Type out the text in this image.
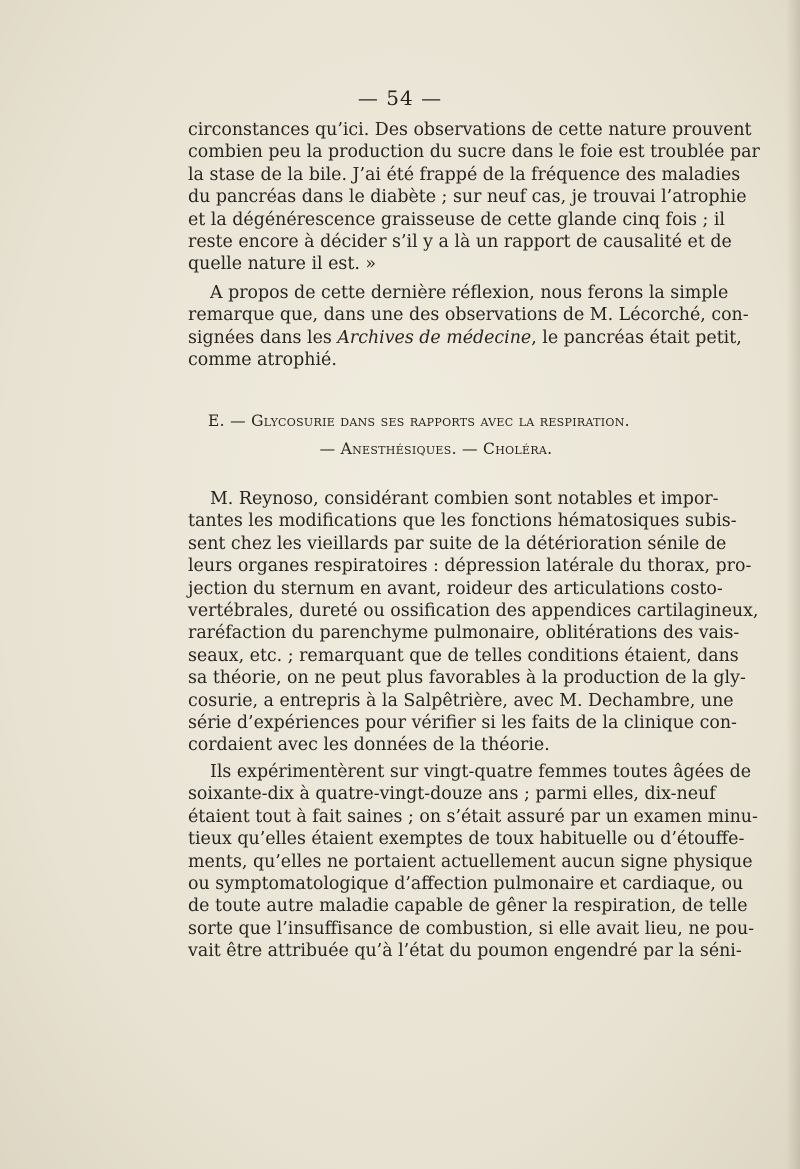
— 54 —
circonstances qu’ici. Des observations de cette nature prouvent
combien peu la production du sucre dans le foie est troublée par
la stase de la bile. J’ai été frappé de la fréquence des maladies
du pancréas dans le diabète ; sur neuf cas, je trouvai l’atrophie
et la dégénérescence graisseuse de cette glande cinq fois ; il
reste encore à décider s’il y a là un rapport de causalité et de
quelle nature il est. »
A propos de cette dernière réflexion, nous ferons la simple
remarque que, dans une des observations de M. Lécorché, con-
signées dans les Archives de médecine, le pancréas était petit,
comme atrophié.
E. — Glycosurie dans ses rapports avec la respiration.
— Anesthésiques. — Choléra.
M. Reynoso, considérant combien sont notables et impor-
tantes les modifications que les fonctions hématosiques subis-
sent chez les vieillards par suite de la détérioration sénile de
leurs organes respiratoires : dépression latérale du thorax, pro-
jection du sternum en avant, roideur des articulations costo-
vertébrales, dureté ou ossification des appendices cartilagineux,
raréfaction du parenchyme pulmonaire, oblitérations des vais-
seaux, etc. ; remarquant que de telles conditions étaient, dans
sa théorie, on ne peut plus favorables à la production de la gly-
cosurie, a entrepris à la Salpêtrière, avec M. Dechambre, une
série d’expériences pour vérifier si les faits de la clinique con-
cordaient avec les données de la théorie.
Ils expérimentèrent sur vingt-quatre femmes toutes âgées de
soixante-dix à quatre-vingt-douze ans ; parmi elles, dix-neuf
étaient tout à fait saines ; on s’était assuré par un examen minu-
tieux qu’elles étaient exemptes de toux habituelle ou d’étouffe-
ments, qu’elles ne portaient actuellement aucun signe physique
ou symptomatologique d’affection pulmonaire et cardiaque, ou
de toute autre maladie capable de gêner la respiration, de telle
sorte que l’insuffisance de combustion, si elle avait lieu, ne pou-
vait être attribuée qu’à l’état du poumon engendré par la séni-
